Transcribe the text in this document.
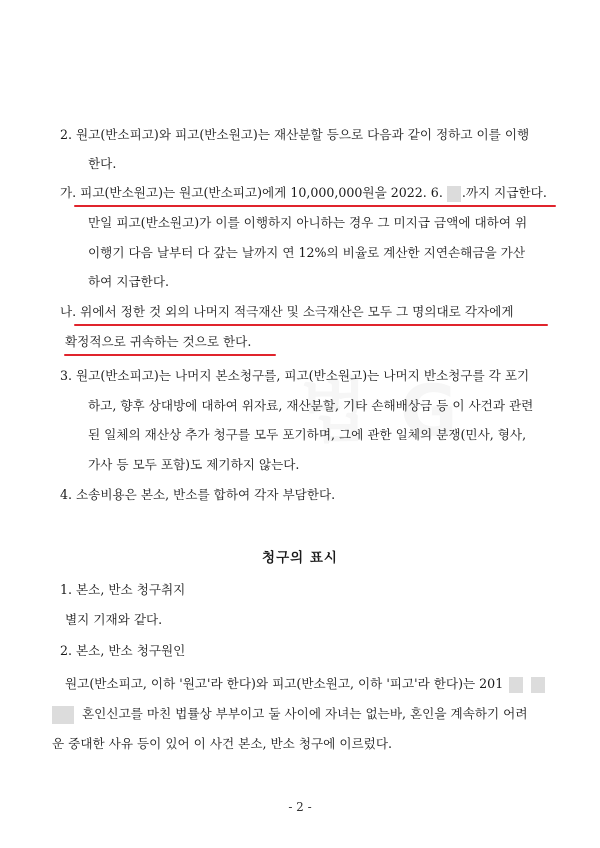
2. 원고(반소피고)와 피고(반소원고)는 재산분할 등으로 다음과 같이 정하고 이를 이행
한다.
가. 피고(반소원고)는 원고(반소피고)에게 10,000,000원을 2022. 6. .까지 지급한다.
만일 피고(반소원고)가 이를 이행하지 아니하는 경우 그 미지급 금액에 대하여 위
이행기 다음 날부터 다 갚는 날까지 연 12%의 비율로 계산한 지연손해금을 가산
하여 지급한다.
나. 위에서 정한 것 외의 나머지 적극재산 및 소극재산은 모두 그 명의대로 각자에게
확정적으로 귀속하는 것으로 한다.
3. 원고(반소피고)는 나머지 본소청구를, 피고(반소원고)는 나머지 반소청구를 각 포기
하고, 향후 상대방에 대하여 위자료, 재산분할, 기타 손해배상금 등 이 사건과 관련
된 일체의 재산상 추가 청구를 모두 포기하며, 그에 관한 일체의 분쟁(민사, 형사,
가사 등 모두 포함)도 제기하지 않는다.
4. 소송비용은 본소, 반소를 합하여 각자 부담한다.
청구의 표시
1. 본소, 반소 청구취지
별지 기재와 같다.
2. 본소, 반소 청구원인
원고(반소피고, 이하 '원고'라 한다)와 피고(반소원고, 이하 '피고'라 한다)는 201
혼인신고를 마친 법률상 부부이고 둘 사이에 자녀는 없는바, 혼인을 계속하기 어려
운 중대한 사유 등이 있어 이 사건 본소, 반소 청구에 이르렀다.
- 2 -
